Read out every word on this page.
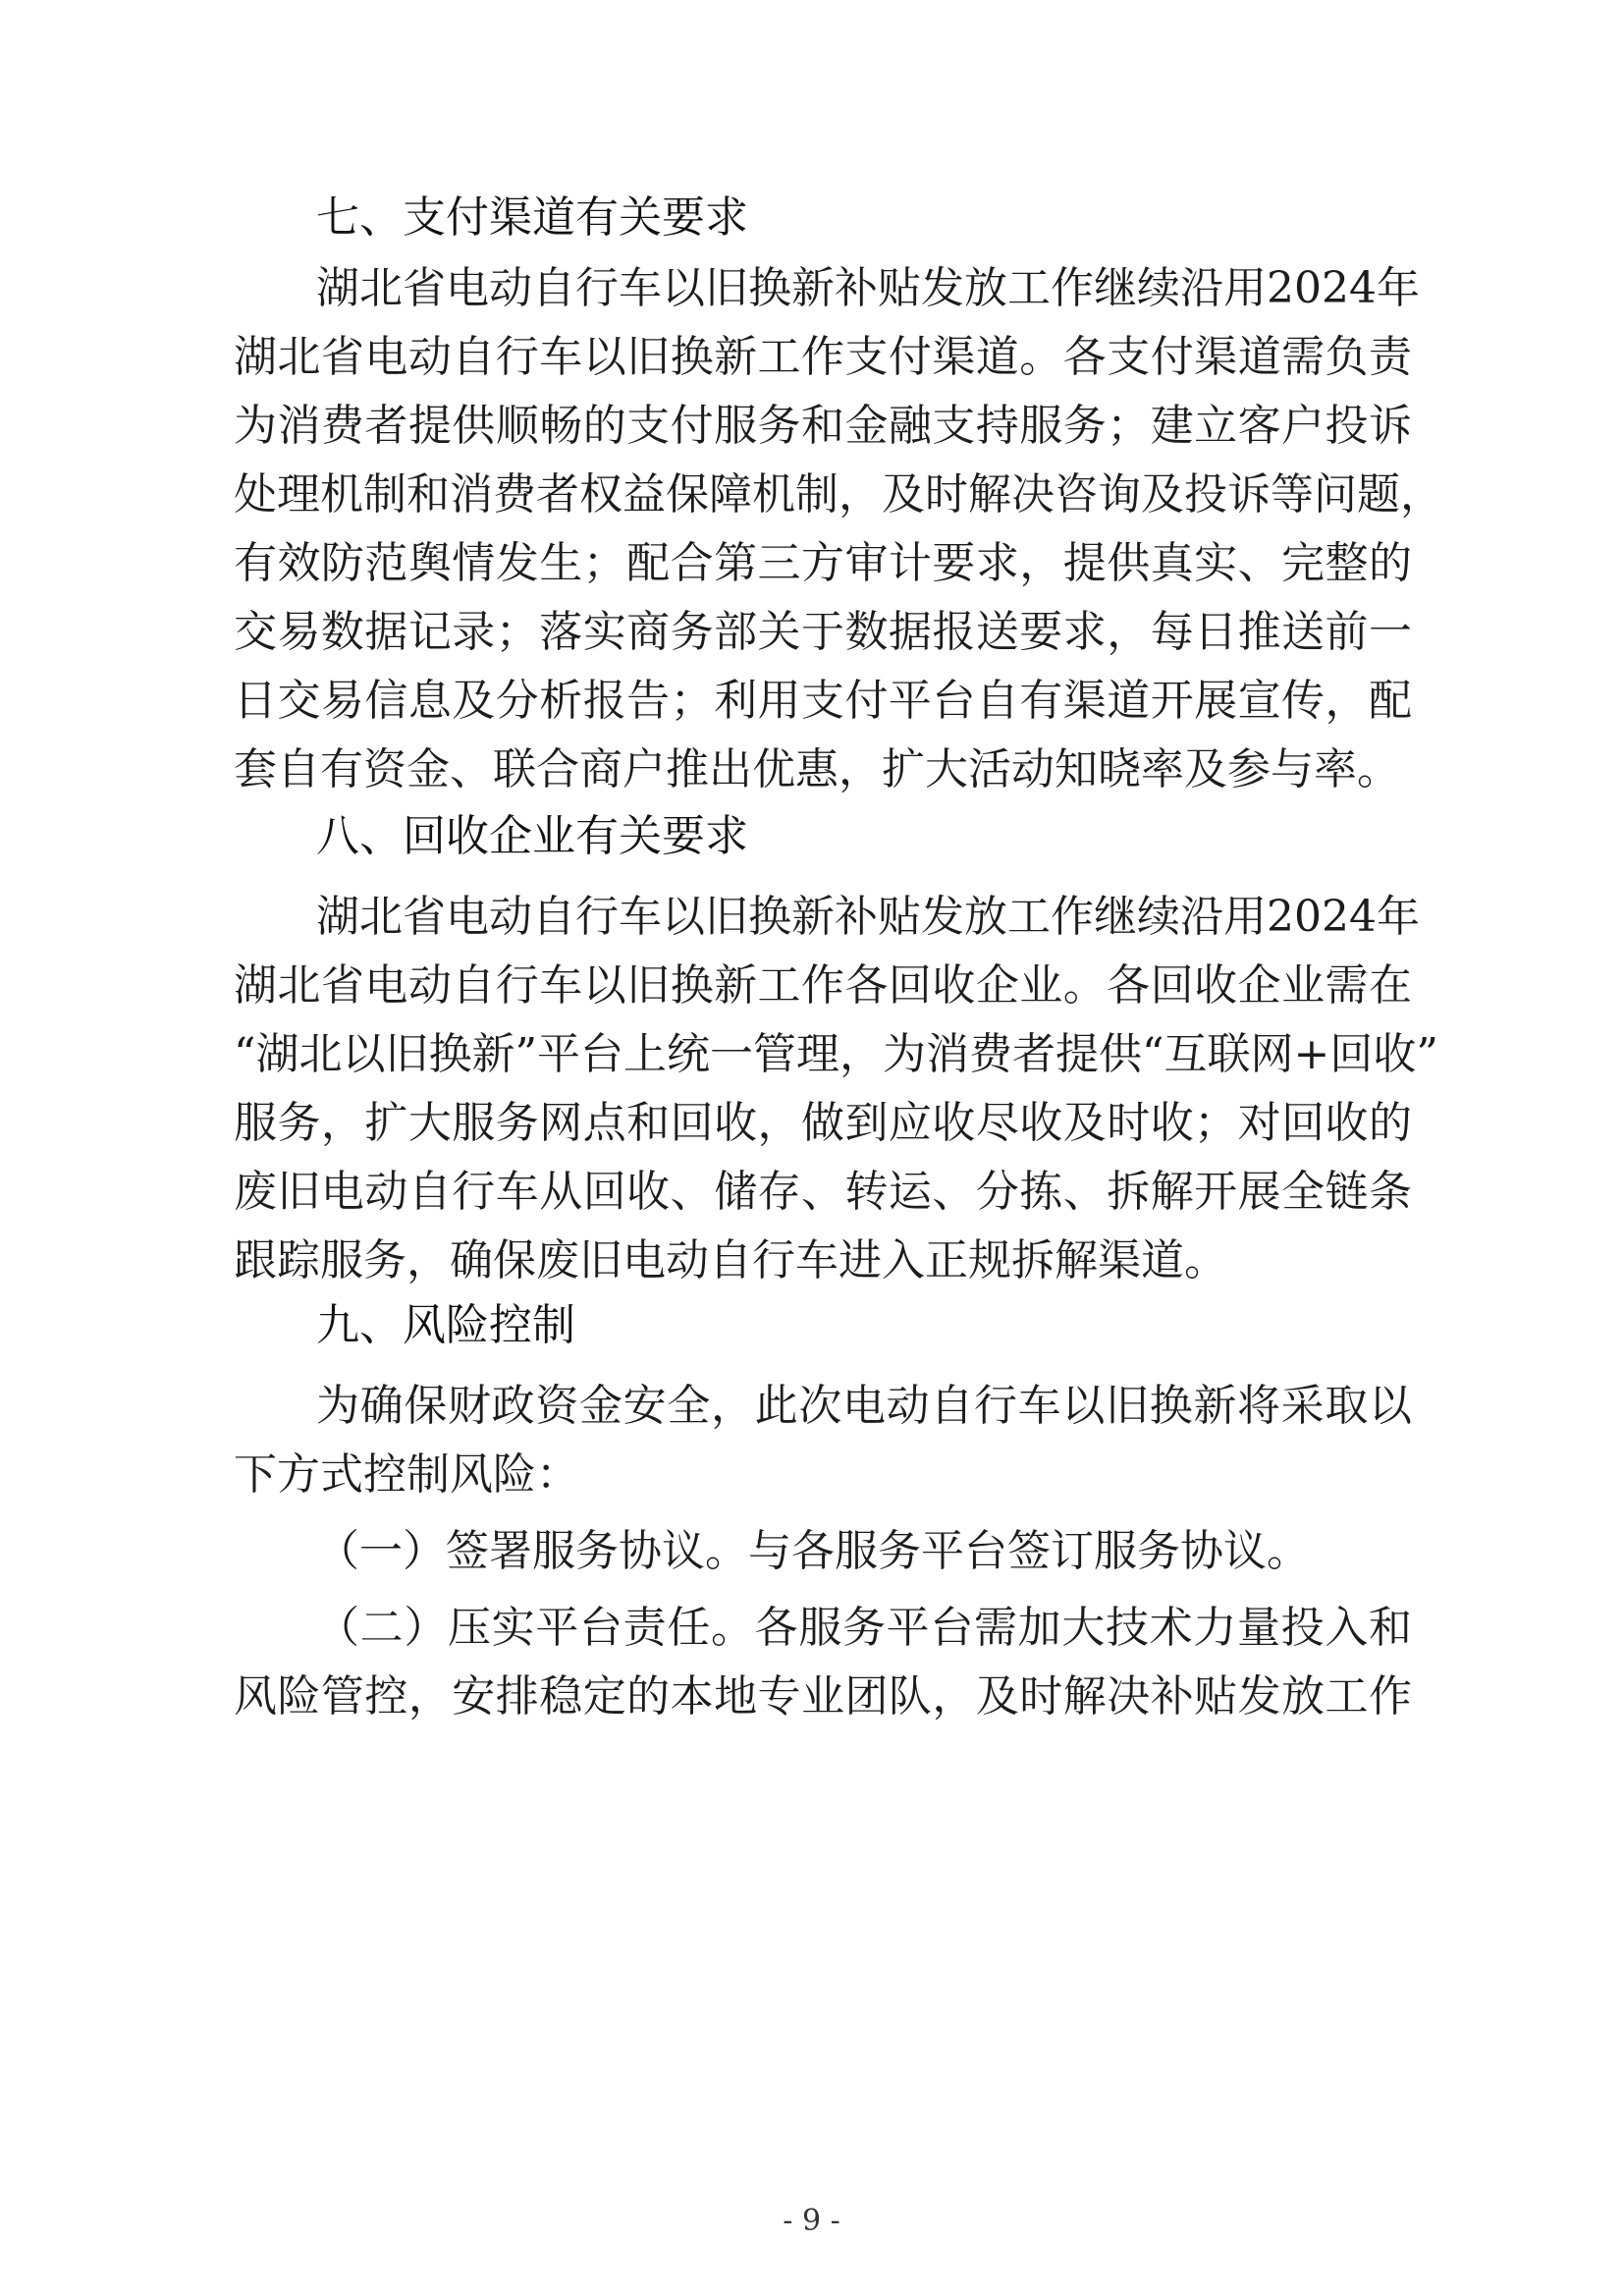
七、支付渠道有关要求
湖北省电动自行车以旧换新补贴发放工作继续沿用2024年
湖北省电动自行车以旧换新工作支付渠道。各支付渠道需负责
为消费者提供顺畅的支付服务和金融支持服务；建立客户投诉
处理机制和消费者权益保障机制，及时解决咨询及投诉等问题，
有效防范舆情发生；配合第三方审计要求，提供真实、完整的
交易数据记录；落实商务部关于数据报送要求，每日推送前一
日交易信息及分析报告；利用支付平台自有渠道开展宣传，配
套自有资金、联合商户推出优惠，扩大活动知晓率及参与率。
八、回收企业有关要求
湖北省电动自行车以旧换新补贴发放工作继续沿用2024年
湖北省电动自行车以旧换新工作各回收企业。各回收企业需在
“湖北以旧换新”平台上统一管理，为消费者提供“互联网+回收”
服务，扩大服务网点和回收，做到应收尽收及时收；对回收的
废旧电动自行车从回收、储存、转运、分拣、拆解开展全链条
跟踪服务，确保废旧电动自行车进入正规拆解渠道。
九、风险控制
为确保财政资金安全，此次电动自行车以旧换新将采取以
下方式控制风险：
（一）签署服务协议。与各服务平台签订服务协议。
（二）压实平台责任。各服务平台需加大技术力量投入和
风险管控，安排稳定的本地专业团队，及时解决补贴发放工作
- 9 -
